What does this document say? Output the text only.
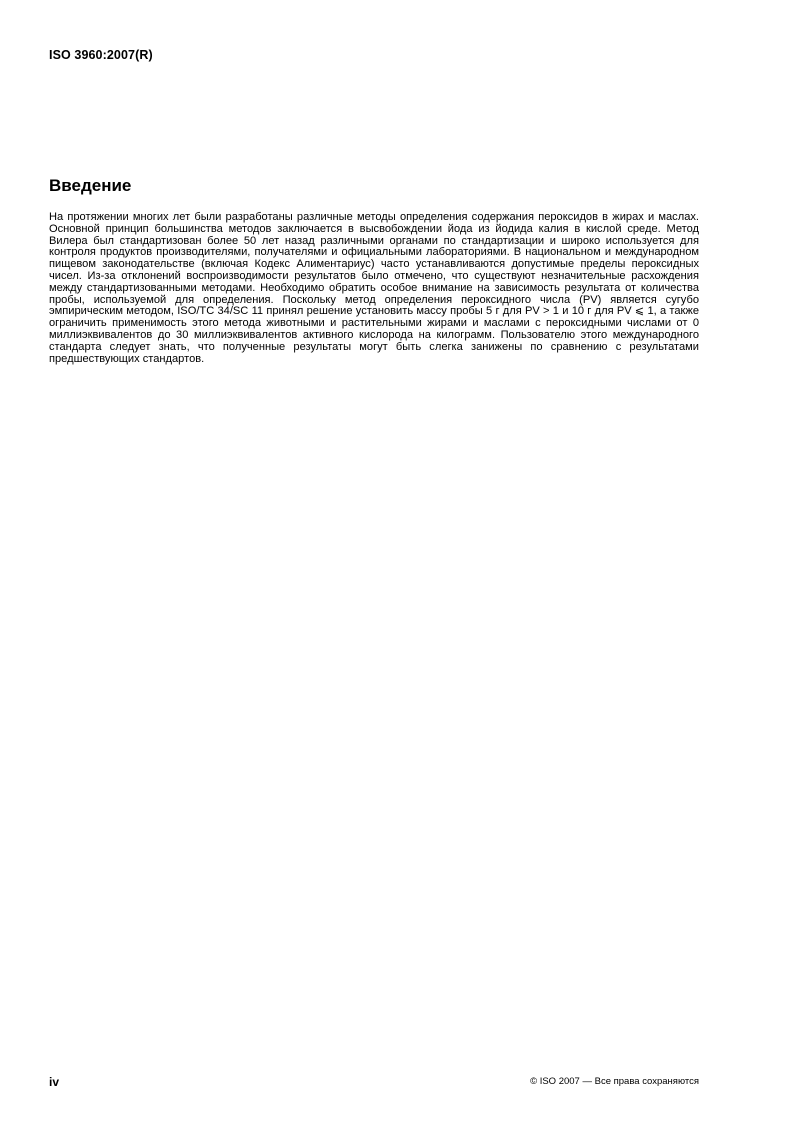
ISO 3960:2007(R)
Введение

На протяжении многих лет были разработаны различные методы определения содержания пероксидов в жирах и маслах. Основной принцип большинства методов заключается в высвобождении йода из йодида калия в кислой среде. Метод Вилера был стандартизован более 50 лет назад различными органами по стандартизации и широко используется для контроля продуктов производителями, получателями и официальными лабораториями. В национальном и международном пищевом законодательстве (включая Кодекс Алиментариус) часто устанавливаются допустимые пределы пероксидных чисел. Из-за отклонений воспроизводимости результатов было отмечено, что существуют незначительные расхождения между стандартизованными методами. Необходимо обратить особое внимание на зависимость результата от количества пробы, используемой для определения. Поскольку метод определения пероксидного числа (PV) является сугубо эмпирическим методом, ISO/TC 34/SC 11 принял решение установить массу пробы 5 г для PV > 1 и 10 г для PV ⩽ 1, а также ограничить применимость этого метода животными и растительными жирами и маслами с пероксидными числами от 0 миллиэквивалентов до 30 миллиэквивалентов активного кислорода на килограмм. Пользователю этого международного стандарта следует знать, что полученные результаты могут быть слегка занижены по сравнению с результатами предшествующих стандартов.

iv	© ISO 2007 — Все права сохраняются
